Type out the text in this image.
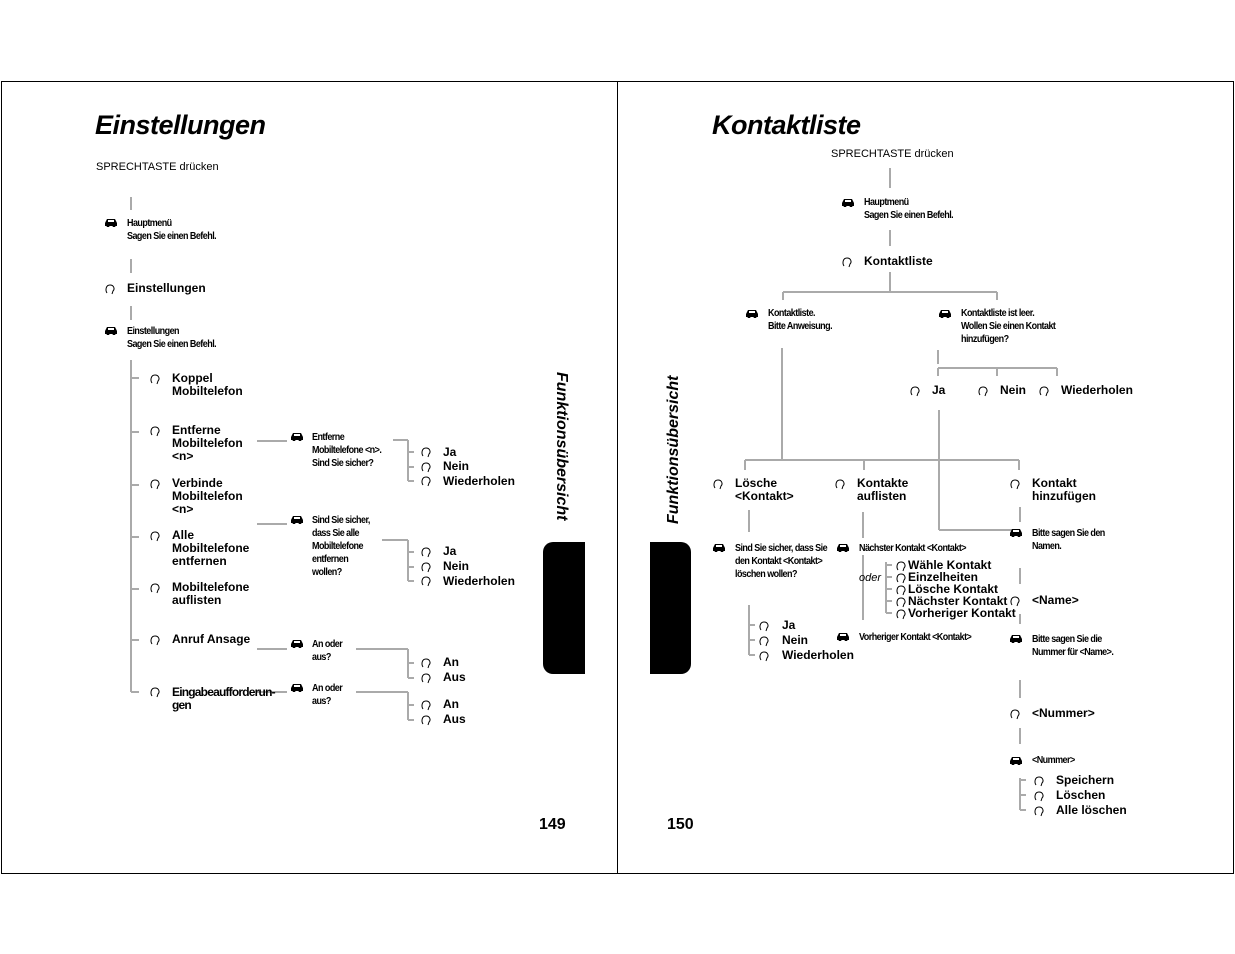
Einstellungen
SPRECHTASTE drücken
Hauptmenü
Sagen Sie einen Befehl.
Einstellungen
Einstellungen
Sagen Sie einen Befehl.
Koppel
Mobiltelefon
Entferne
Mobiltelefon
<n>
Verbinde
Mobiltelefon
<n>
Alle
Mobiltelefone
entfernen
Mobiltelefone
auflisten
Anruf Ansage
Eingabeaufforderun-
gen
Entferne
Mobiltelefone <n>.
Sind Sie sicher?
Sind Sie sicher,
dass Sie alle
Mobiltelefone
entfernen
wollen?
An oder
aus?
An oder
aus?
Ja
Nein
Wiederholen
Ja
Nein
Wiederholen
An
Aus
An
Aus
149
Funktionsübersicht
Kontaktliste
SPRECHTASTE drücken
Hauptmenü
Sagen Sie einen Befehl.
Kontaktliste
Kontaktliste.
Bitte Anweisung.
Kontaktliste ist leer.
Wollen Sie einen Kontakt
hinzufügen?
Ja	Nein	Wiederholen
Lösche
<Kontakt>
Kontakte
auflisten
Kontakt
hinzufügen
Sind Sie sicher, dass Sie
den Kontakt <Kontakt>
löschen wollen?
Nächster Kontakt <Kontakt>
oder
Wähle Kontakt
Einzelheiten
Lösche Kontakt
Nächster Kontakt
Vorheriger Kontakt
Ja
Nein
Wiederholen
Vorheriger Kontakt <Kontakt>
Bitte sagen Sie den
Namen.
<Name>
Bitte sagen Sie die
Nummer für <Name>.
<Nummer>
<Nummer>
Speichern
Löschen
Alle löschen
150
Funktionsübersicht
